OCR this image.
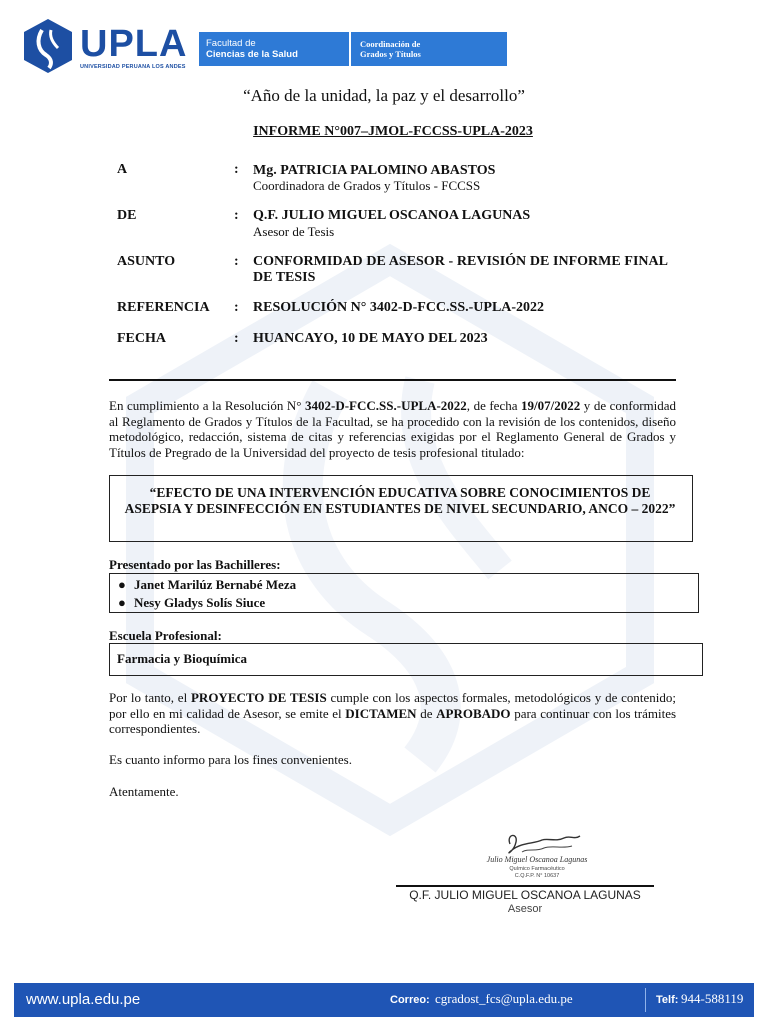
UPLA
UNIVERSIDAD PERUANA LOS ANDES
Facultad de
Ciencias de la Salud
Coordinación de
Grados y Títulos
“Año de la unidad, la paz y el desarrollo”
INFORME N°007–JMOL-FCCSS-UPLA-2023
A	: Mg. PATRICIA PALOMINO ABASTOS
Coordinadora de Grados y Títulos - FCCSS
DE	: Q.F. JULIO MIGUEL OSCANOA LAGUNAS
Asesor de Tesis
ASUNTO	: CONFORMIDAD DE ASESOR - REVISIÓN DE INFORME FINAL DE TESIS
REFERENCIA : RESOLUCIÓN N° 3402-D-FCC.SS.-UPLA-2022
FECHA	: HUANCAYO, 10 DE MAYO DEL 2023
En cumplimiento a la Resolución N° 3402-D-FCC.SS.-UPLA-2022, de fecha 19/07/2022 y de conformidad al Reglamento de Grados y Títulos de la Facultad, se ha procedido con la revisión de los contenidos, diseño metodológico, redacción, sistema de citas y referencias exigidas por el Reglamento General de Grados y Títulos de Pregrado de la Universidad del proyecto de tesis profesional titulado:
“EFECTO DE UNA INTERVENCIÓN EDUCATIVA SOBRE CONOCIMIENTOS DE ASEPSIA Y DESINFECCIÓN EN ESTUDIANTES DE NIVEL SECUNDARIO, ANCO – 2022”
Presentado por las Bachilleres:
● Janet Marilúz Bernabé Meza
● Nesy Gladys Solís Siuce
Escuela Profesional:
Farmacia y Bioquímica
Por lo tanto, el PROYECTO DE TESIS cumple con los aspectos formales, metodológicos y de contenido; por ello en mi calidad de Asesor, se emite el DICTAMEN de APROBADO para continuar con los trámites correspondientes.
Es cuanto informo para los fines convenientes.
Atentamente.
Julio Miguel Oscanoa Lagunas
Químico Farmacéutico
C.Q.F.P. N° 10637
Q.F. JULIO MIGUEL OSCANOA LAGUNAS
Asesor
www.upla.edu.pe	Correo: cgradost_fcs@upla.edu.pe	Telf: 944-588119
